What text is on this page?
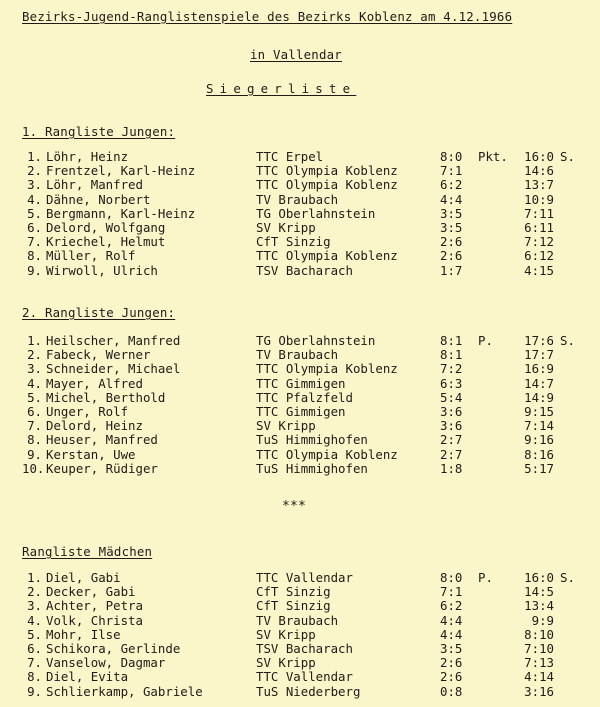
Bezirks-Jugend-Ranglistenspiele des Bezirks Koblenz am 4.12.1966
in Vallendar
Siegerliste
1. Rangliste Jungen:
1. Löhr, Heinz	TTC Erpel	8:0 Pkt.	16:0 S.
2. Frentzel, Karl-Heinz	TTC Olympia Koblenz	7:1	14:6
3. Löhr, Manfred	TTC Olympia Koblenz	6:2	13:7
4. Dähne, Norbert	TV Braubach	4:4	10:9
5. Bergmann, Karl-Heinz	TG Oberlahnstein	3:5	7:11
6. Delord, Wolfgang	SV Kripp	3:5	6:11
7. Kriechel, Helmut	CfT Sinzig	2:6	7:12
8. Müller, Rolf	TTC Olympia Koblenz	2:6	6:12
9. Wirwoll, Ulrich	TSV Bacharach	1:7	4:15
2. Rangliste Jungen:
1. Heilscher, Manfred	TG Oberlahnstein	8:1 P.	17:6 S.
2. Fabeck, Werner	TV Braubach	8:1	17:7
3. Schneider, Michael	TTC Olympia Koblenz	7:2	16:9
4. Mayer, Alfred	TTC Gimmigen	6:3	14:7
5. Michel, Berthold	TTC Pfalzfeld	5:4	14:9
6. Unger, Rolf	TTC Gimmigen	3:6	9:15
7. Delord, Heinz	SV Kripp	3:6	7:14
8. Heuser, Manfred	TuS Himmighofen	2:7	9:16
9. Kerstan, Uwe	TTC Olympia Koblenz	2:7	8:16
10. Keuper, Rüdiger	TuS Himmighofen	1:8	5:17
***
Rangliste Mädchen
1. Diel, Gabi	TTC Vallendar	8:0 P.	16:0 S.
2. Decker, Gabi	CfT Sinzig	7:1	14:5
3. Achter, Petra	CfT Sinzig	6:2	13:4
4. Volk, Christa	TV Braubach	4:4	9:9
5. Mohr, Ilse	SV Kripp	4:4	8:10
6. Schikora, Gerlinde	TSV Bacharach	3:5	7:10
7. Vanselow, Dagmar	SV Kripp	2:6	7:13
8. Diel, Evita	TTC Vallendar	2:6	4:14
9. Schlierkamp, Gabriele	TuS Niederberg	0:8	3:16
